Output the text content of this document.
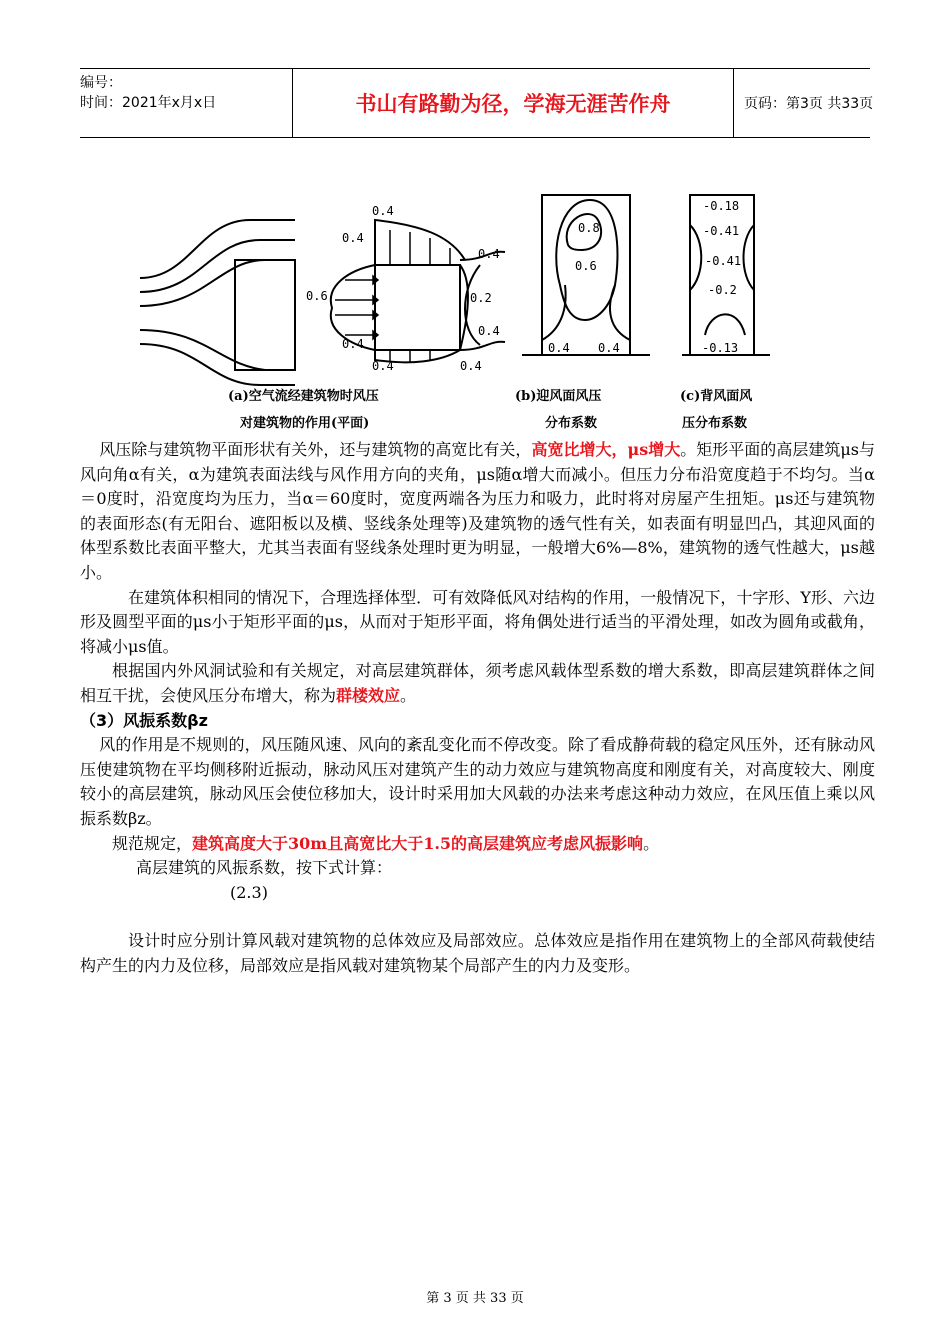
编号：
时间：2021年x月x日	书山有路勤为径，学海无涯苦作舟	页码：第3页 共33页
0.4
0.4
0.6
0.4
0.4
0.4
0.2
0.4
0.4
0.8
0.6
0.4 0.4
-0.18
-0.41
-0.41
-0.2
-0.13
(a)空气流经建筑物时风压
对建筑物的作用(平面)
(b)迎风面风压
分布系数
(c)背风面风
压分布系数

风压除与建筑物平面形状有关外，还与建筑物的高宽比有关，高宽比增大，μs增大。矩形平面的高层建筑μs与风向角α有关，α为建筑表面法线与风作用方向的夹角，μs随α增大而减小。但压力分布沿宽度趋于不均匀。当α＝0度时，沿宽度均为压力，当α＝60度时，宽度两端各为压力和吸力，此时将对房屋产生扭矩。μs还与建筑物的表面形态(有无阳台、遮阳板以及横、竖线条处理等)及建筑物的透气性有关，如表面有明显凹凸，其迎风面的体型系数比表面平整大，尤其当表面有竖线条处理时更为明显，一般增大6%—8%，建筑物的透气性越大，μs越小。

在建筑体积相同的情况下，合理选择体型．可有效降低风对结构的作用，一般情况下，十字形、Y形、六边形及圆型平面的μs小于矩形平面的μs，从而对于矩形平面，将角偶处进行适当的平滑处理，如改为圆角或截角，将减小μs值。

根据国内外风洞试验和有关规定，对高层建筑群体，须考虑风载体型系数的增大系数，即高层建筑群体之间相互干扰，会使风压分布增大，称为群楼效应。

（3）风振系数βz

风的作用是不规则的，风压随风速、风向的紊乱变化而不停改变。除了看成静荷载的稳定风压外，还有脉动风压使建筑物在平均侧移附近振动，脉动风压对建筑产生的动力效应与建筑物高度和刚度有关，对高度较大、刚度较小的高层建筑，脉动风压会使位移加大，设计时采用加大风载的办法来考虑这种动力效应，在风压值上乘以风振系数βz。

规范规定，建筑高度大于30m且高宽比大于1.5的高层建筑应考虑风振影响。

高层建筑的风振系数，按下式计算：

(2.3)

设计时应分别计算风载对建筑物的总体效应及局部效应。总体效应是指作用在建筑物上的全部风荷载使结构产生的内力及位移，局部效应是指风载对建筑物某个局部产生的内力及变形。

第 3 页 共 33 页
